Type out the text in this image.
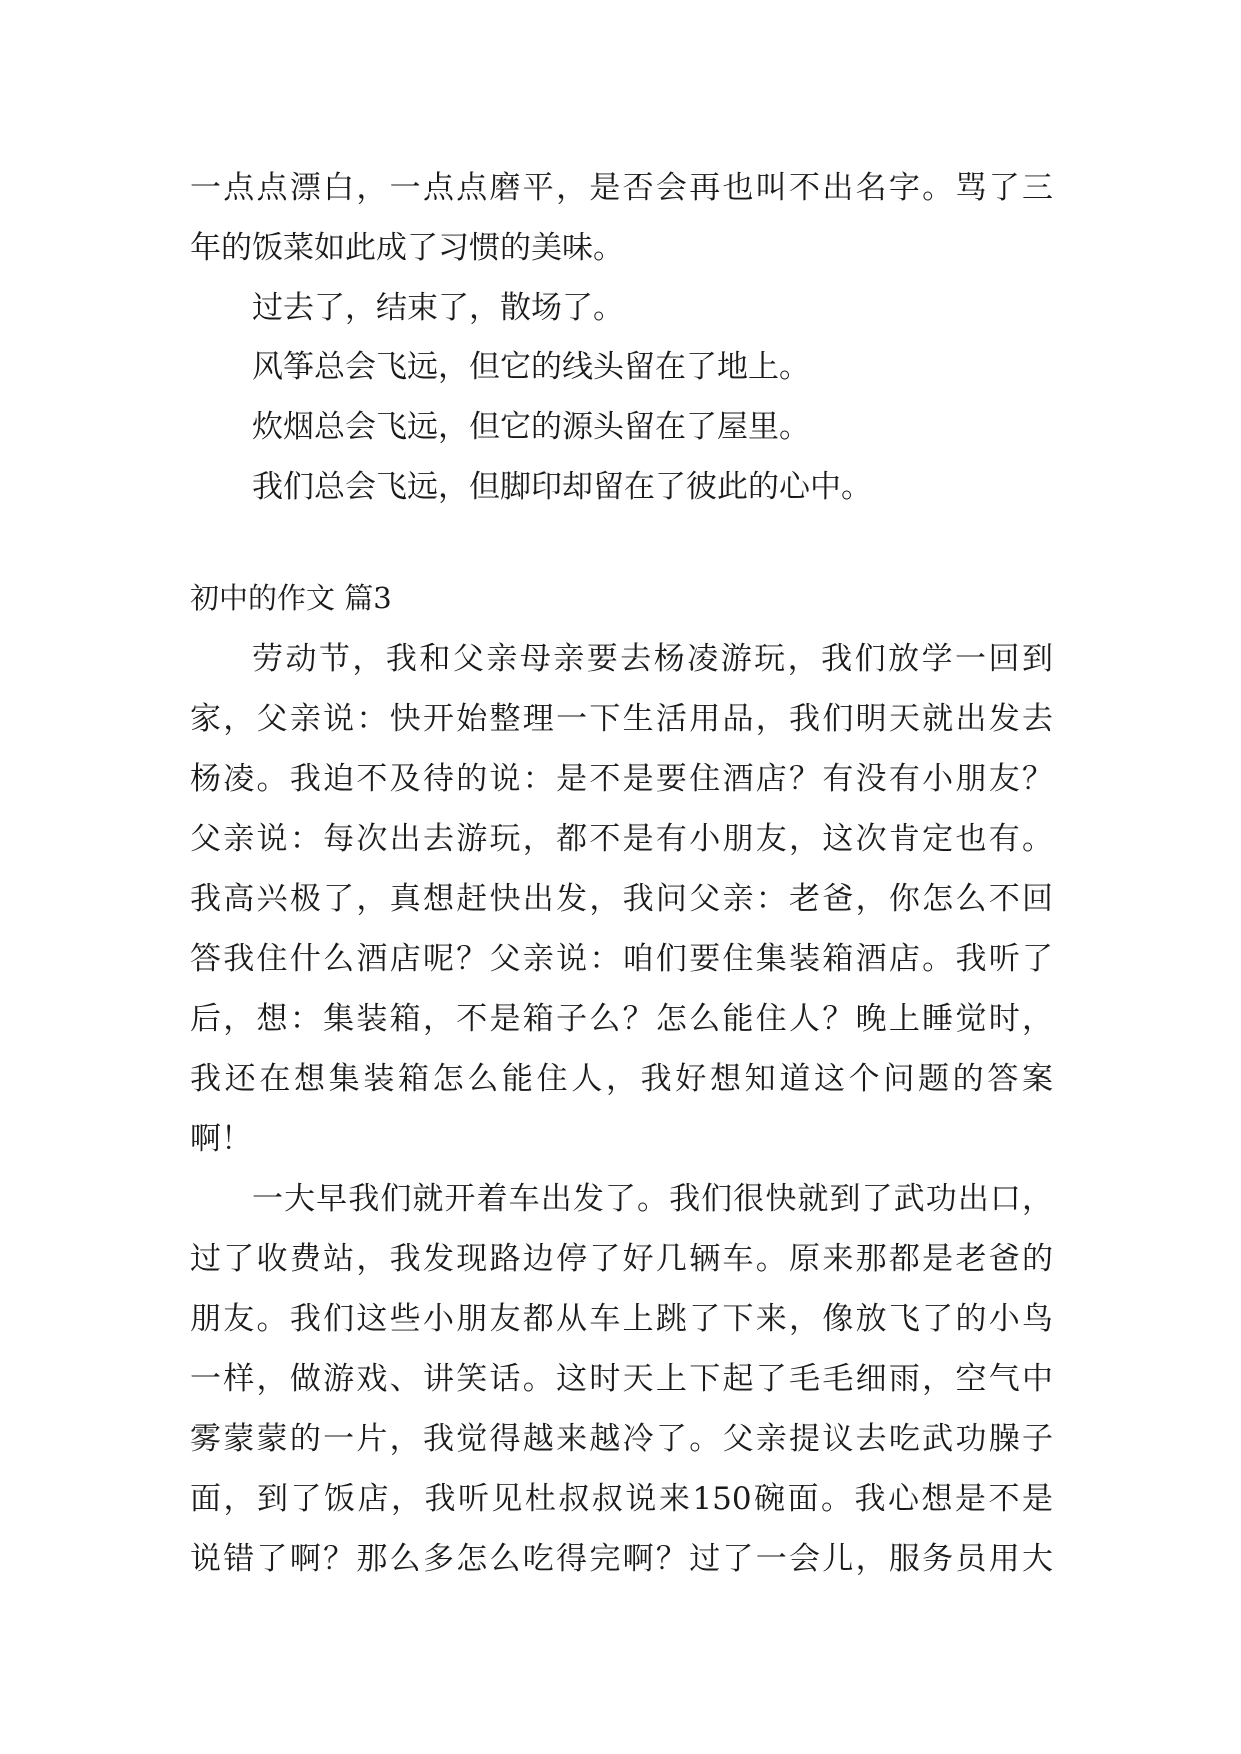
一点点漂白，一点点磨平，是否会再也叫不出名字。骂了三
年的饭菜如此成了习惯的美味。
过去了，结束了，散场了。
风筝总会飞远，但它的线头留在了地上。
炊烟总会飞远，但它的源头留在了屋里。
我们总会飞远，但脚印却留在了彼此的心中。
初中的作文 篇3
劳动节，我和父亲母亲要去杨凌游玩，我们放学一回到
家，父亲说：快开始整理一下生活用品，我们明天就出发去
杨凌。我迫不及待的说：是不是要住酒店？有没有小朋友？
父亲说：每次出去游玩，都不是有小朋友，这次肯定也有。
我高兴极了，真想赶快出发，我问父亲：老爸，你怎么不回
答我住什么酒店呢？父亲说：咱们要住集装箱酒店。我听了
后，想：集装箱，不是箱子么？怎么能住人？晚上睡觉时，
我还在想集装箱怎么能住人，我好想知道这个问题的答案
啊！
一大早我们就开着车出发了。我们很快就到了武功出口，
过了收费站，我发现路边停了好几辆车。原来那都是老爸的
朋友。我们这些小朋友都从车上跳了下来，像放飞了的小鸟
一样，做游戏、讲笑话。这时天上下起了毛毛细雨，空气中
雾蒙蒙的一片，我觉得越来越冷了。父亲提议去吃武功臊子
面，到了饭店，我听见杜叔叔说来150碗面。我心想是不是
说错了啊？那么多怎么吃得完啊？过了一会儿，服务员用大
